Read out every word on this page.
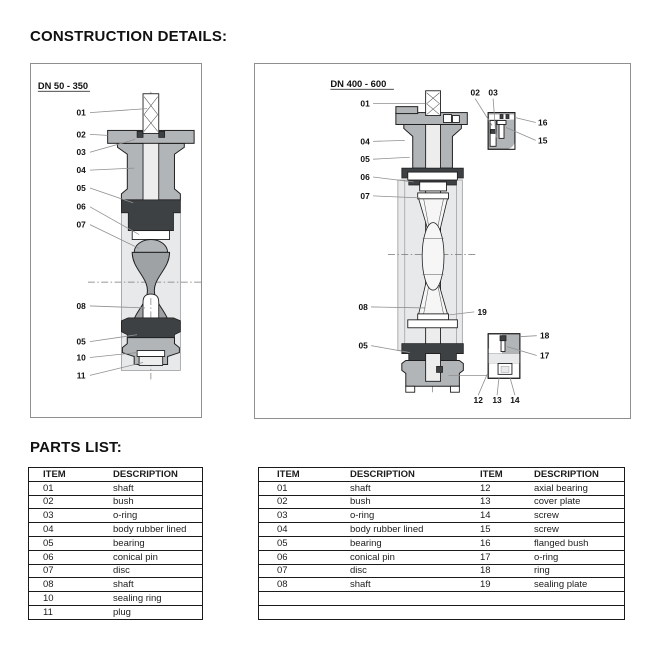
CONSTRUCTION DETAILS:
01
02
03
04
05
06
07
08
05
10
11
DN 50 - 350
01
04
05
06
07
08
05
19
02 03
16
15
18
17
12 13 14
DN 400 - 600
PARTS LIST:
ITEM	DESCRIPTION
01	shaft
02	bush
03	o-ring
04	body rubber lined
05	bearing
06	conical pin
07	disc
08	shaft
10	sealing ring
11	plug
ITEM	DESCRIPTION	ITEM	DESCRIPTION
01	shaft	12	axial bearing
02	bush	13	cover plate
03	o-ring	14	screw
04	body rubber lined	15	screw
05	bearing	16	flanged bush
06	conical pin	17	o-ring
07	disc	18	ring
08	shaft	19	sealing plate
